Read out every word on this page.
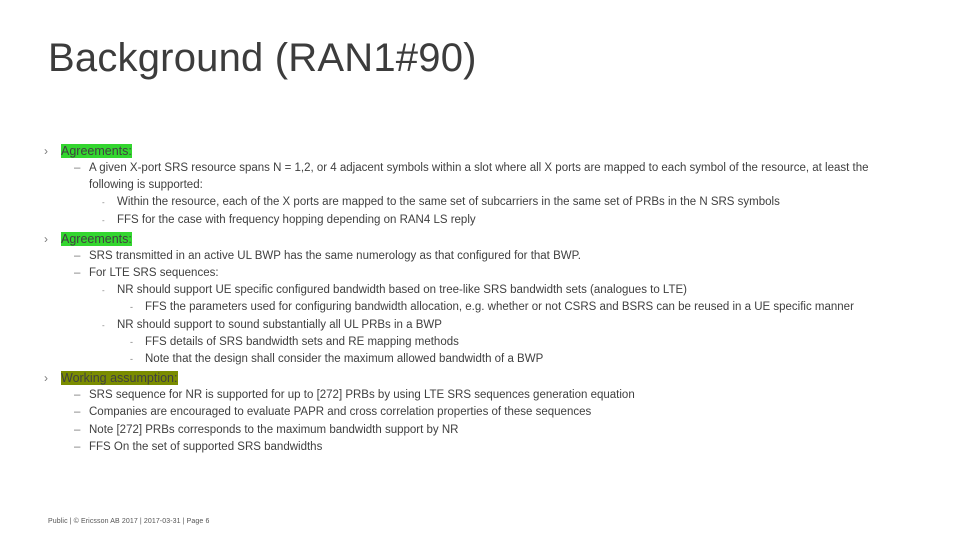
Background (RAN1#90)
› Agreements:
– A given X-port SRS resource spans N = 1,2, or 4 adjacent symbols within a slot where all X ports are mapped to each symbol of the resource, at least the following is supported:
- Within the resource, each of the X ports are mapped to the same set of subcarriers in the same set of PRBs in the N SRS symbols
- FFS for the case with frequency hopping depending on RAN4 LS reply
› Agreements:
– SRS transmitted in an active UL BWP has the same numerology as that configured for that BWP.
– For LTE SRS sequences:
- NR should support UE specific configured bandwidth based on tree-like SRS bandwidth sets (analogues to LTE)
- FFS the parameters used for configuring bandwidth allocation, e.g. whether or not CSRS and BSRS can be reused in a UE specific manner
- NR should support to sound substantially all UL PRBs in a BWP
- FFS details of SRS bandwidth sets and RE mapping methods
- Note that the design shall consider the maximum allowed bandwidth of a BWP
› Working assumption:
– SRS sequence for NR is supported for up to [272] PRBs by using LTE SRS sequences generation equation
– Companies are encouraged to evaluate PAPR and cross correlation properties of these sequences
– Note [272] PRBs corresponds to the maximum bandwidth support by NR
– FFS On the set of supported SRS bandwidths
Public | © Ericsson AB 2017 | 2017-03-31 | Page 6
